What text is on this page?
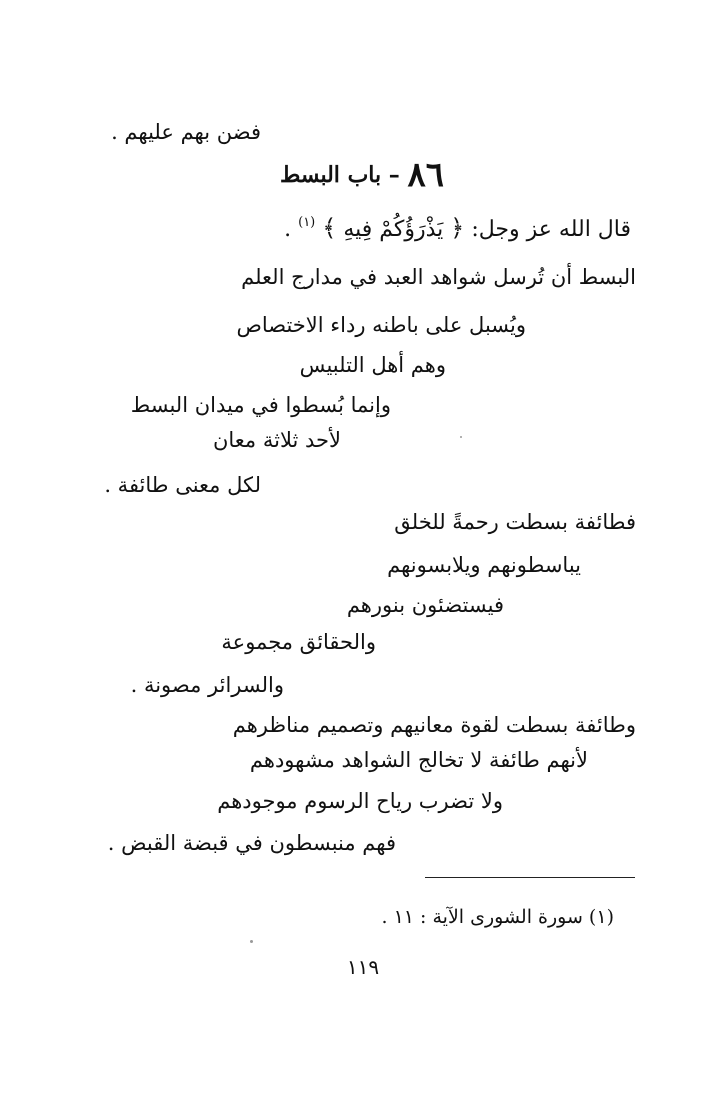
فضن بهم عليهم .
٨٦ – باب البسط
قال الله عز وجل: ﴿ يَذْرَؤُكُمْ فِيهِ ﴾ $^{(١)}$ .
البسط أن تُرسل شواهد العبد في مدارج العلم
ويُسبل على باطنه رداء الاختصاص
وهم أهل التلبيس
وإنما بُسطوا في ميدان البسط
لأحد ثلاثة معان
لكل معنى طائفة .
فطائفة بسطت رحمةً للخلق
يباسطونهم ويلابسونهم
فيستضئون بنورهم
والحقائق مجموعة
والسرائر مصونة .
وطائفة بسطت لقوة معانيهم وتصميم مناظرهم
لأنهم طائفة لا تخالج الشواهد مشهودهم
ولا تضرب رياح الرسوم موجودهم
فهم منبسطون في قبضة القبض .
(١) سورة الشورى الآية : ١١ .
١١٩
